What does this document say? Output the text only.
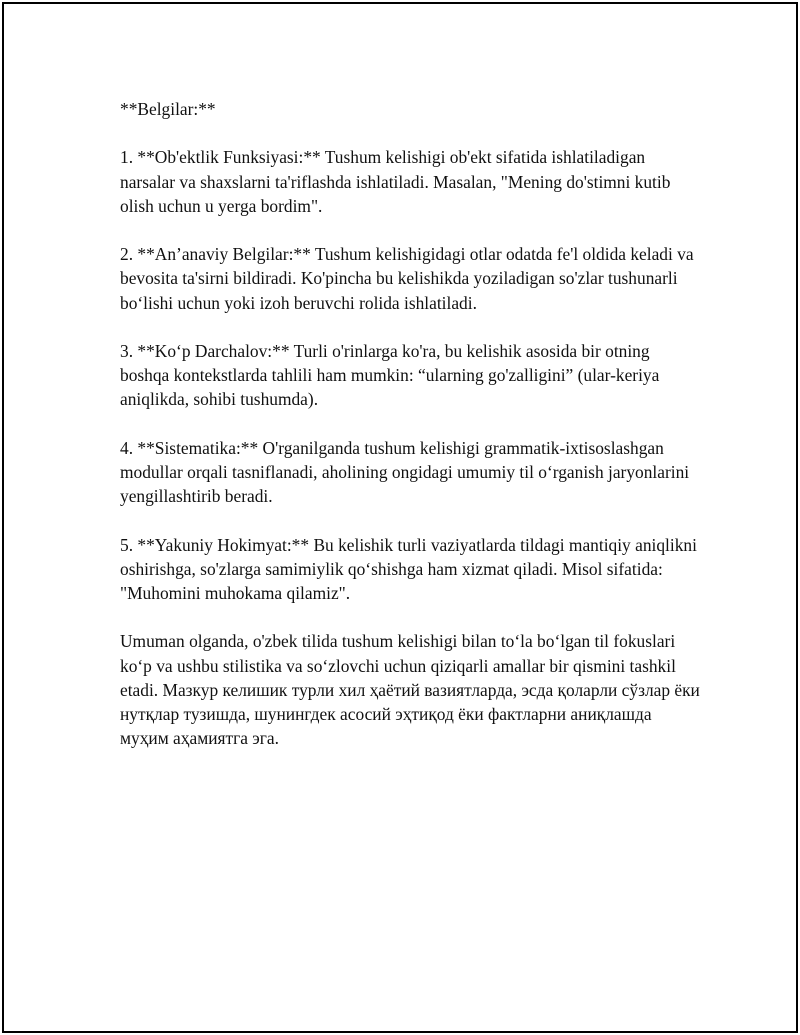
**Belgilar:**

1. **Ob'ektlik Funksiyasi:** Tushum kelishigi ob'ekt sifatida ishlatiladigan narsalar va shaxslarni ta'riflashda ishlatiladi. Masalan, "Mening do'stimni kutib olish uchun u yerga bordim".

2. **An’anaviy Belgilar:** Tushum kelishigidagi otlar odatda fe'l oldida keladi va bevosita ta'sirni bildiradi. Ko'pincha bu kelishikda yoziladigan so'zlar tushunarli bo‘lishi uchun yoki izoh beruvchi rolida ishlatiladi.

3. **Ko‘p Darchalov:** Turli o'rinlarga ko'ra, bu kelishik asosida bir otning boshqa kontekstlarda tahlili ham mumkin: “ularning go'zalligini” (ular-keriya aniqlikda, sohibi tushumda).

4. **Sistematika:** O'rganilganda tushum kelishigi grammatik-ixtisoslashgan modullar orqali tasniflanadi, aholining ongidagi umumiy til o‘rganish jaryonlarini yengillashtirib beradi.

5. **Yakuniy Hokimyat:** Bu kelishik turli vaziyatlarda tildagi mantiqiy aniqlikni oshirishga, so'zlarga samimiylik qo‘shishga ham xizmat qiladi. Misol sifatida: "Muhomini muhokama qilamiz".

Umuman olganda, o'zbek tilida tushum kelishigi bilan to‘la bo‘lgan til fokuslari ko‘p va ushbu stilistika va so‘zlovchi uchun qiziqarli amallar bir qismini tashkil etadi. Мазкур келишик турли хил ҳаётий вазиятларда, эсда қоларли сўзлар ёки нутқлар тузишда, шунингдек асосий эҳтиқод ёки фактларни аниқлашда муҳим аҳамиятга эга.
